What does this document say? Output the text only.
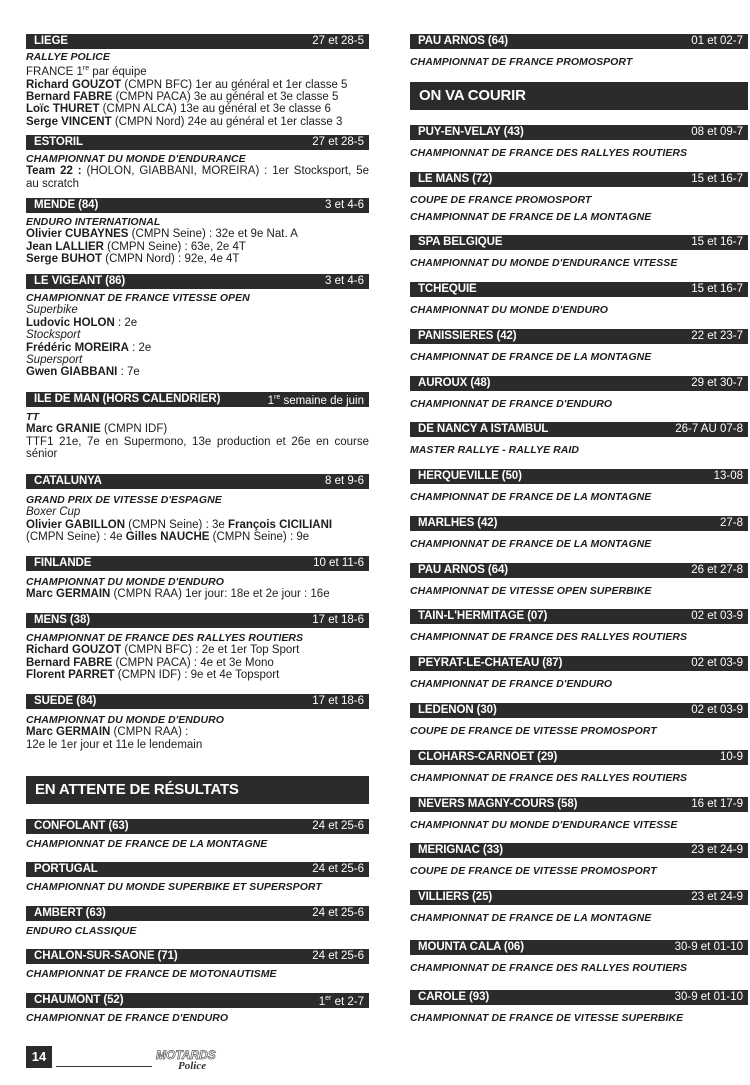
LIEGE	27 et 28-5
RALLYE POLICE
FRANCE 1re par équipe
Richard GOUZOT (CMPN BFC) 1er au général et 1er classe 5
Bernard FABRE (CMPN PACA) 3e au général et 3e classe 5
Loïc THURET (CMPN ALCA) 13e au général et 3e classe 6
Serge VINCENT (CMPN Nord) 24e au général et 1er classe 3
ESTORIL	27 et 28-5
CHAMPIONNAT DU MONDE D'ENDURANCE
Team 22 : (HOLON, GIABBANI, MOREIRA) : 1er Stocksport, 5e au scratch
MENDE (84)	3 et 4-6
ENDURO INTERNATIONAL
Olivier CUBAYNES (CMPN Seine) : 32e et 9e Nat. A
Jean LALLIER (CMPN Seine) : 63e, 2e 4T
Serge BUHOT (CMPN Nord) : 92e, 4e 4T
LE VIGEANT (86)	3 et 4-6
CHAMPIONNAT DE FRANCE VITESSE OPEN
Superbike
Ludovic HOLON : 2e
Stocksport
Frédéric MOREIRA : 2e
Supersport
Gwen GIABBANI : 7e
ILE DE MAN (HORS CALENDRIER)	1re semaine de juin
TT
Marc GRANIE (CMPN IDF)
TTF1 21e, 7e en Supermono, 13e production et 26e en course sénior
CATALUNYA	8 et 9-6
GRAND PRIX DE VITESSE D'ESPAGNE
Boxer Cup
Olivier GABILLON (CMPN Seine) : 3e François CICILIANI
(CMPN Seine) : 4e Gilles NAUCHE (CMPN Seine) : 9e
FINLANDE	10 et 11-6
CHAMPIONNAT DU MONDE D'ENDURO
Marc GERMAIN (CMPN RAA) 1er jour: 18e et 2e jour : 16e
MENS (38)	17 et 18-6
CHAMPIONNAT DE FRANCE DES RALLYES ROUTIERS
Richard GOUZOT (CMPN BFC) : 2e et 1er Top Sport
Bernard FABRE (CMPN PACA) : 4e et 3e Mono
Florent PARRET (CMPN IDF) : 9e et 4e Topsport
SUEDE (84)	17 et 18-6
CHAMPIONNAT DU MONDE D'ENDURO
Marc GERMAIN (CMPN RAA) :
12e le 1er jour et 11e le lendemain
EN ATTENTE DE RÉSULTATS
CONFOLANT (63)	24 et 25-6
CHAMPIONNAT DE FRANCE DE LA MONTAGNE
PORTUGAL	24 et 25-6
CHAMPIONNAT DU MONDE SUPERBIKE ET SUPERSPORT
AMBERT (63)	24 et 25-6
ENDURO CLASSIQUE
CHALON-SUR-SAONE (71)	24 et 25-6
CHAMPIONNAT DE FRANCE DE MOTONAUTISME
CHAUMONT (52)	1er et 2-7
CHAMPIONNAT DE FRANCE D'ENDURO
PAU ARNOS (64)	01 et 02-7
CHAMPIONNAT DE FRANCE PROMOSPORT
ON VA COURIR
PUY-EN-VELAY (43)	08 et 09-7
CHAMPIONNAT DE FRANCE DES RALLYES ROUTIERS
LE MANS (72)	15 et 16-7
COUPE DE FRANCE PROMOSPORT
CHAMPIONNAT DE FRANCE DE LA MONTAGNE
SPA BELGIQUE	15 et 16-7
CHAMPIONNAT DU MONDE D'ENDURANCE VITESSE
TCHEQUIE	15 et 16-7
CHAMPIONNAT DU MONDE D'ENDURO
PANISSIERES (42)	22 et 23-7
CHAMPIONNAT DE FRANCE DE LA MONTAGNE
AUROUX (48)	29 et 30-7
CHAMPIONNAT DE FRANCE D'ENDURO
DE NANCY A ISTAMBUL	26-7 AU 07-8
MASTER RALLYE - RALLYE RAID
HERQUEVILLE (50)	13-08
CHAMPIONNAT DE FRANCE DE LA MONTAGNE
MARLHES (42)	27-8
CHAMPIONNAT DE FRANCE DE LA MONTAGNE
PAU ARNOS (64)	26 et 27-8
CHAMPIONNAT DE VITESSE OPEN SUPERBIKE
TAIN-L'HERMITAGE (07)	02 et 03-9
CHAMPIONNAT DE FRANCE DES RALLYES ROUTIERS
PEYRAT-LE-CHATEAU (87)	02 et 03-9
CHAMPIONNAT DE FRANCE D'ENDURO
LEDENON (30)	02 et 03-9
COUPE DE FRANCE DE VITESSE PROMOSPORT
CLOHARS-CARNOET (29)	10-9
CHAMPIONNAT DE FRANCE DES RALLYES ROUTIERS
NEVERS MAGNY-COURS (58)	16 et 17-9
CHAMPIONNAT DU MONDE D'ENDURANCE VITESSE
MERIGNAC (33)	23 et 24-9
COUPE DE FRANCE DE VITESSE PROMOSPORT
VILLIERS (25)	23 et 24-9
CHAMPIONNAT DE FRANCE DE LA MONTAGNE
MOUNTA CALA (06)	30-9 et 01-10
CHAMPIONNAT DE FRANCE DES RALLYES ROUTIERS
CAROLE (93)	30-9 et 01-10
CHAMPIONNAT DE FRANCE DE VITESSE SUPERBIKE
14	MOTARDS
Police
